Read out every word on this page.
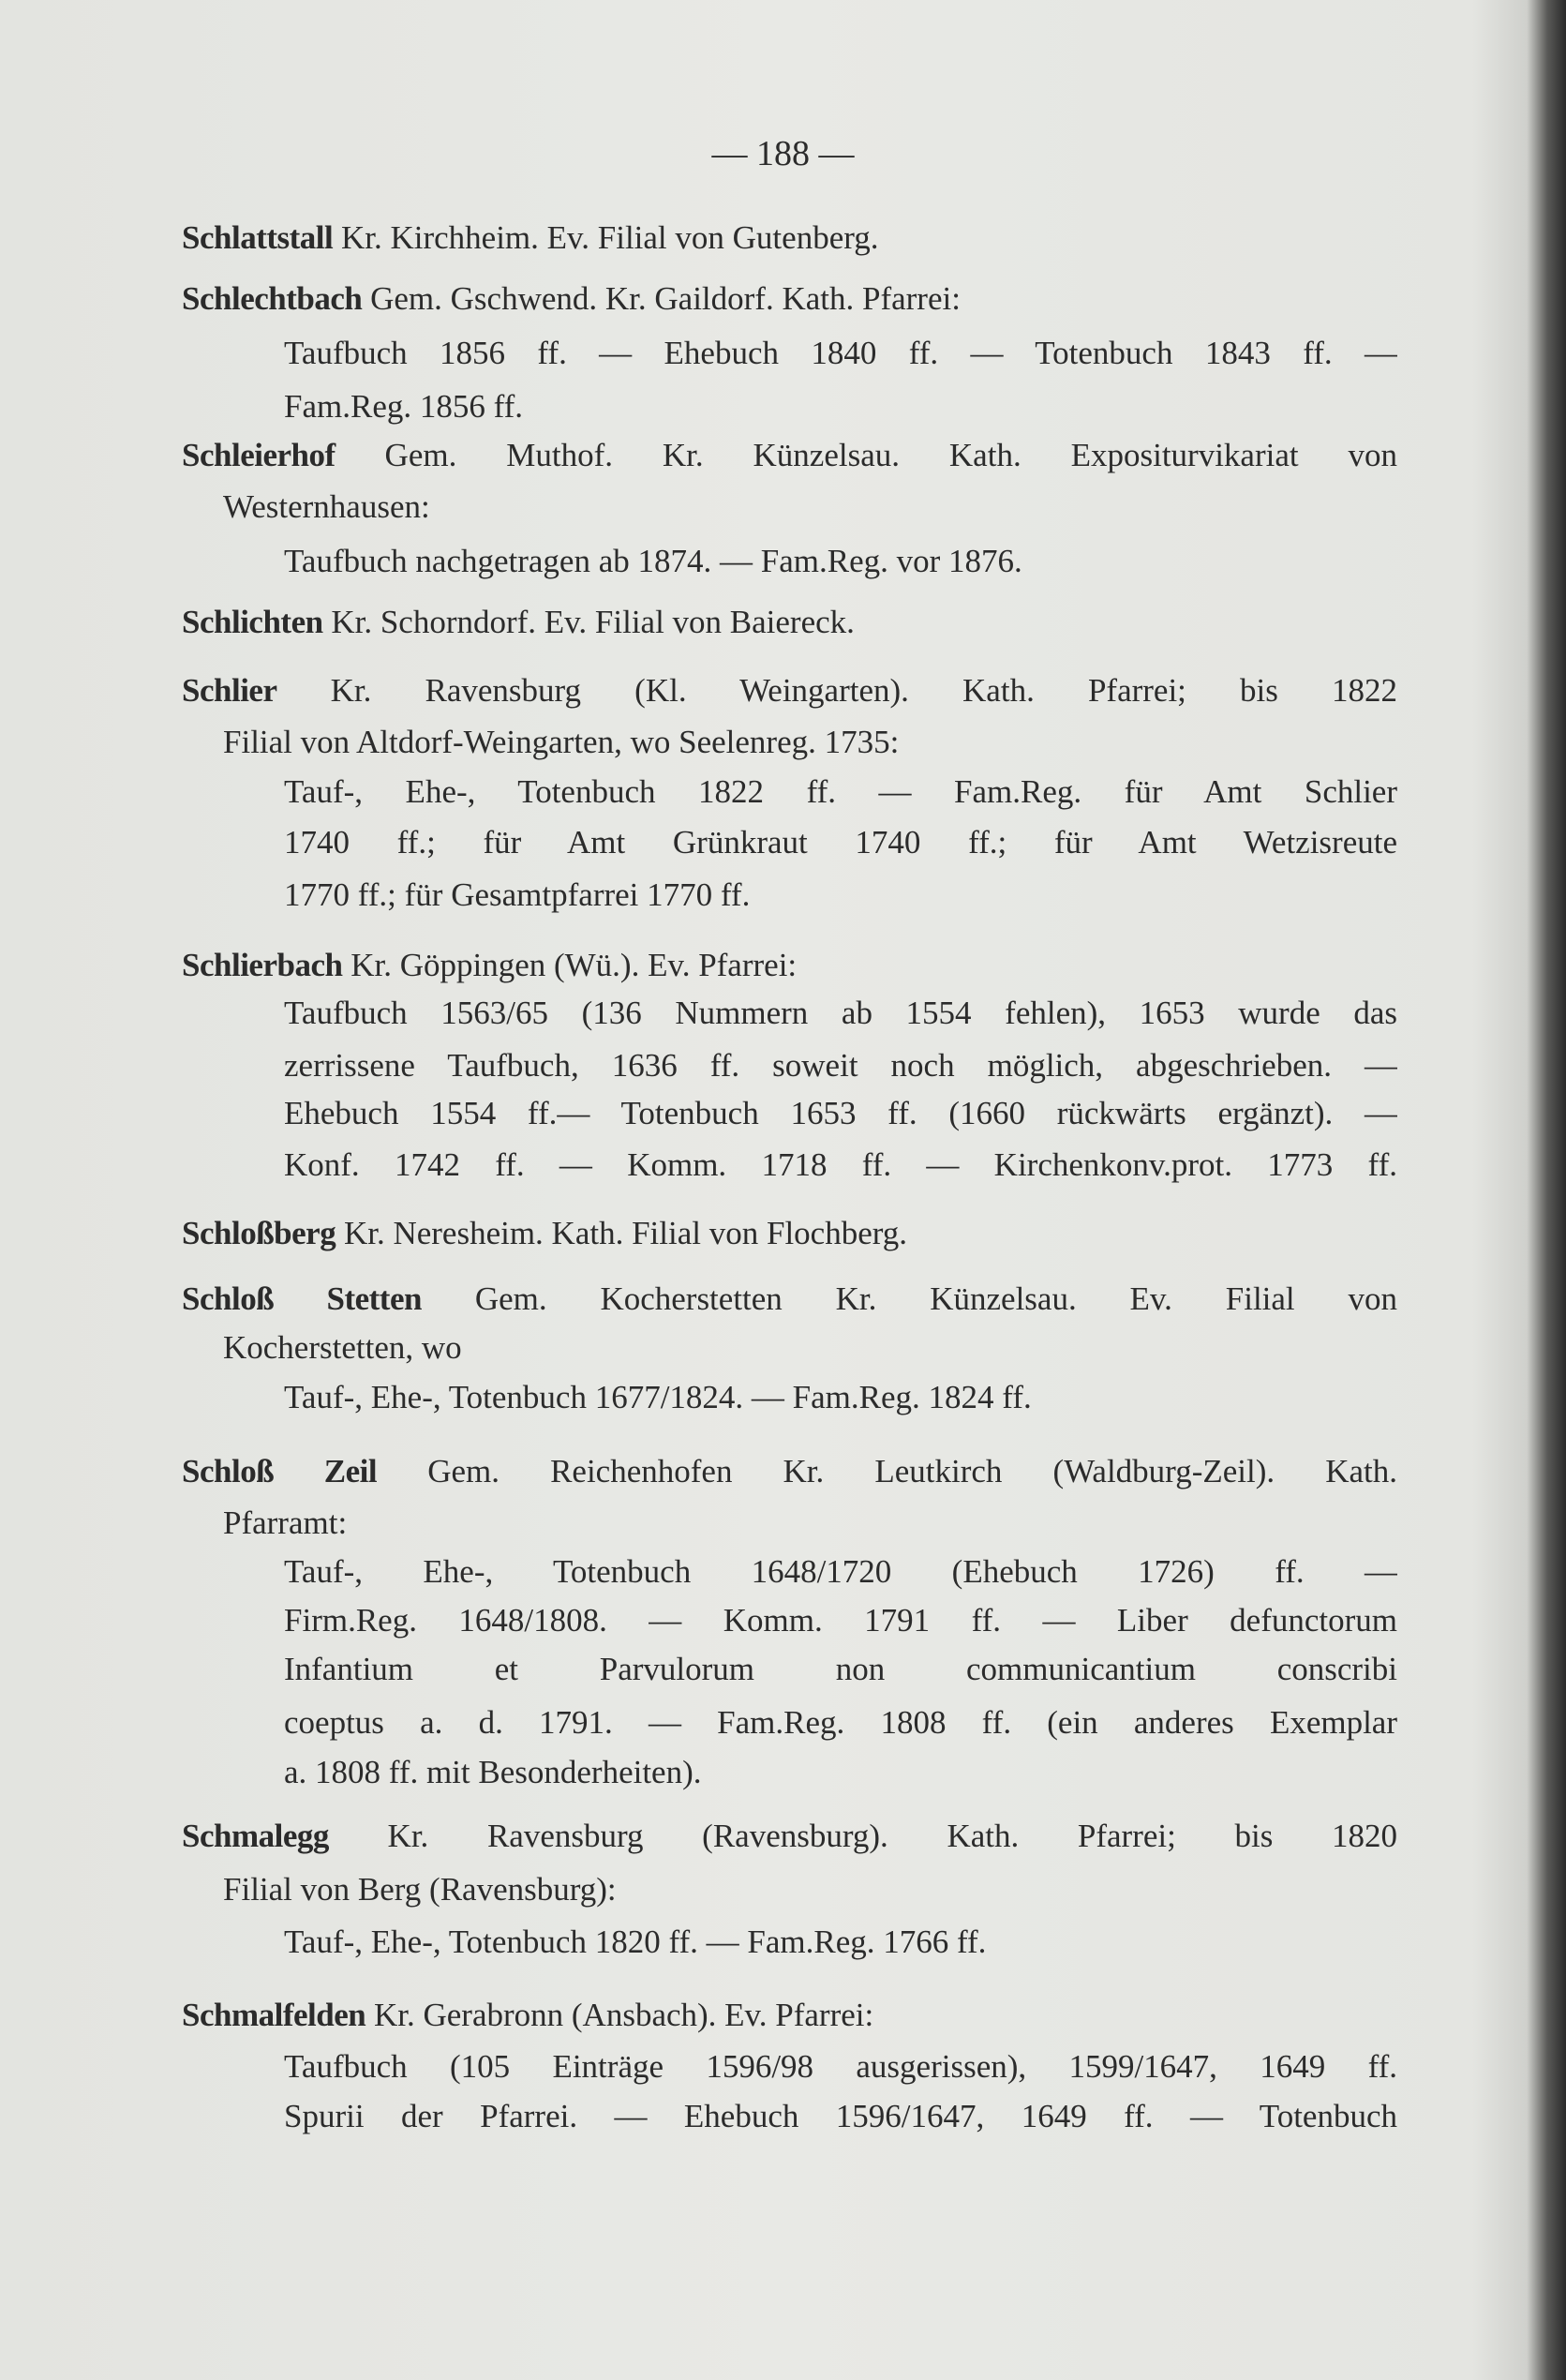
— 188 —
Schlattstall Kr. Kirchheim. Ev. Filial von Gutenberg.
Schlechtbach Gem. Gschwend. Kr. Gaildorf. Kath. Pfarrei:
Taufbuch 1856 ff. — Ehebuch 1840 ff. — Totenbuch 1843 ff. —
Fam.Reg. 1856 ff.
Schleierhof Gem. Muthof. Kr. Künzelsau. Kath. Expositurvikariat von
Westernhausen:
Taufbuch nachgetragen ab 1874. — Fam.Reg. vor 1876.
Schlichten Kr. Schorndorf. Ev. Filial von Baiereck.
Schlier Kr. Ravensburg (Kl. Weingarten). Kath. Pfarrei; bis 1822
Filial von Altdorf-Weingarten, wo Seelenreg. 1735:
Tauf-, Ehe-, Totenbuch 1822 ff. — Fam.Reg. für Amt Schlier
1740 ff.; für Amt Grünkraut 1740 ff.; für Amt Wetzisreute
1770 ff.; für Gesamtpfarrei 1770 ff.
Schlierbach Kr. Göppingen (Wü.). Ev. Pfarrei:
Taufbuch 1563/65 (136 Nummern ab 1554 fehlen), 1653 wurde das
zerrissene Taufbuch, 1636 ff. soweit noch möglich, abgeschrieben. —
Ehebuch 1554 ff.— Totenbuch 1653 ff. (1660 rückwärts ergänzt). —
Konf. 1742 ff. — Komm. 1718 ff. — Kirchenkonv.prot. 1773 ff.
Schloßberg Kr. Neresheim. Kath. Filial von Flochberg.
Schloß Stetten Gem. Kocherstetten Kr. Künzelsau. Ev. Filial von
Kocherstetten, wo
Tauf-, Ehe-, Totenbuch 1677/1824. — Fam.Reg. 1824 ff.
Schloß Zeil Gem. Reichenhofen Kr. Leutkirch (Waldburg-Zeil). Kath.
Pfarramt:
Tauf-, Ehe-, Totenbuch 1648/1720 (Ehebuch 1726) ff. —
Firm.Reg. 1648/1808. — Komm. 1791 ff. — Liber defunctorum
Infantium et Parvulorum non communicantium conscribi
coeptus a. d. 1791. — Fam.Reg. 1808 ff. (ein anderes Exemplar
a. 1808 ff. mit Besonderheiten).
Schmalegg Kr. Ravensburg (Ravensburg). Kath. Pfarrei; bis 1820
Filial von Berg (Ravensburg):
Tauf-, Ehe-, Totenbuch 1820 ff. — Fam.Reg. 1766 ff.
Schmalfelden Kr. Gerabronn (Ansbach). Ev. Pfarrei:
Taufbuch (105 Einträge 1596/98 ausgerissen), 1599/1647, 1649 ff.
Spurii der Pfarrei. — Ehebuch 1596/1647, 1649 ff. — Totenbuch
